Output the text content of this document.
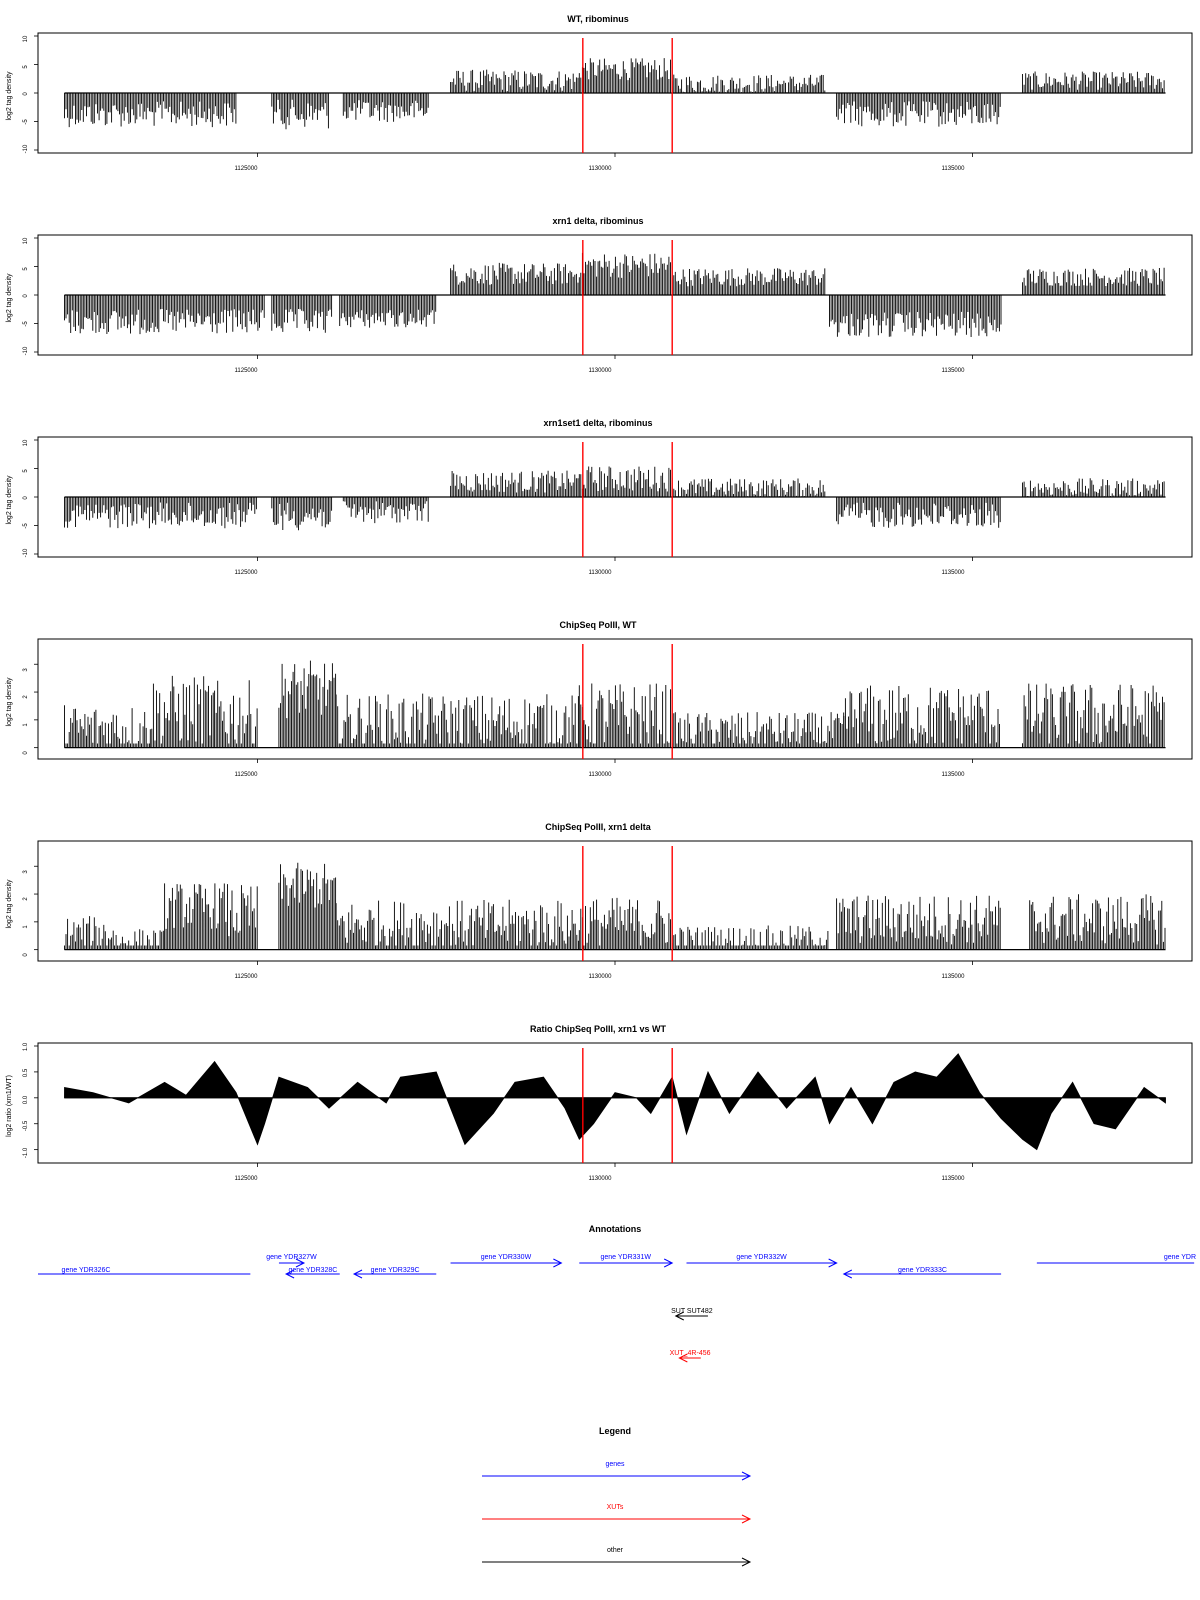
WT, ribominus
log2 tag density
1125000	1130000	1135000
-10
-5
0
5
10
xrn1 delta, ribominus
log2 tag density
1125000	1130000	1135000
-10
-5
0
5
10
xrn1set1 delta, ribominus
log2 tag density
1125000	1130000	1135000
-10
-5
0
5
10
ChipSeq PolII, WT
log2 tag density
1125000	1130000	1135000
0
1
2
3
ChipSeq PolII, xrn1 delta
log2 tag density
1125000	1130000	1135000
0
1
2
3
Ratio ChipSeq PolII, xrn1 vs WT
log2 ratio (xrn1/WT)
1125000	1130000	1135000
-1.0
-0.5
0.0
0.5
1.0
Annotations
gene YDR326C
gene YDR327W
gene YDR328C	gene YDR329C
gene YDR330W	gene YDR331W	gene YDR332W
gene YDR333C
gene YDR
SUT SUT482
XUT_4R-456
Legend
genes
XUTs
other
